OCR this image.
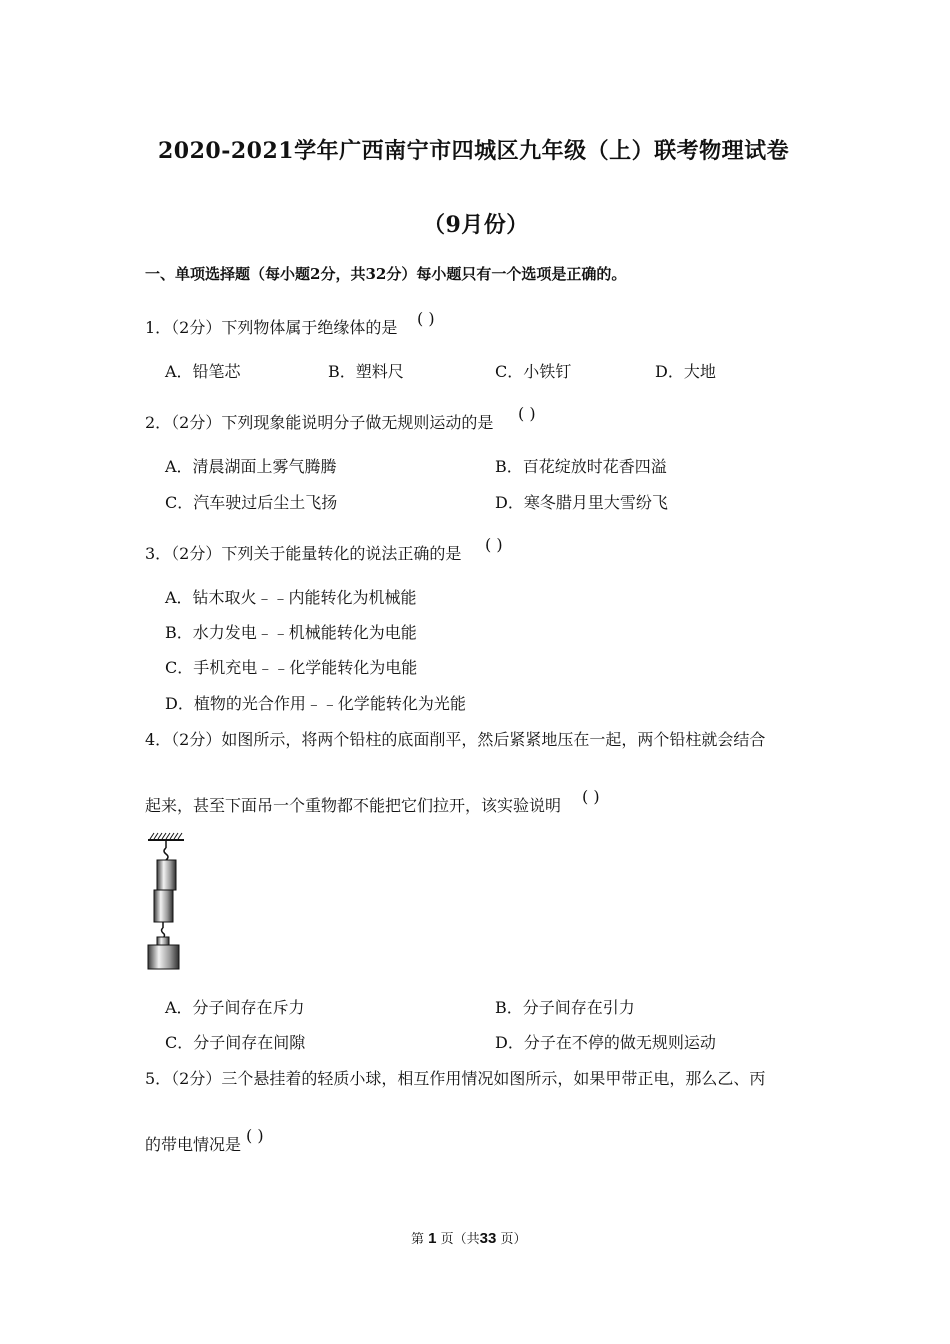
2020-2021学年广西南宁市四城区九年级（上）联考物理试卷
（9月份）
一、单项选择题（每小题2分，共32分）每小题只有一个选项是正确的。
1．（2分）下列物体属于绝缘体的是 ( )
A．铅笔芯	B．塑料尺	C．小铁钉	D．大地
2．（2分）下列现象能说明分子做无规则运动的是 ( )
A．清晨湖面上雾气腾腾	B．百花绽放时花香四溢
C．汽车驶过后尘土飞扬	D．寒冬腊月里大雪纷飞
3．（2分）下列关于能量转化的说法正确的是 ( )
A．钻木取火﹣﹣内能转化为机械能
B．水力发电﹣﹣机械能转化为电能
C．手机充电﹣﹣化学能转化为电能
D．植物的光合作用﹣﹣化学能转化为光能
4．（2分）如图所示，将两个铅柱的底面削平，然后紧紧地压在一起，两个铅柱就会结合
起来，甚至下面吊一个重物都不能把它们拉开，该实验说明 ( )
A．分子间存在斥力	B．分子间存在引力
C．分子间存在间隙	D．分子在不停的做无规则运动
5．（2分）三个悬挂着的轻质小球，相互作用情况如图所示，如果甲带正电，那么乙、丙
的带电情况是 ( )
第 1 页（共33 页）
